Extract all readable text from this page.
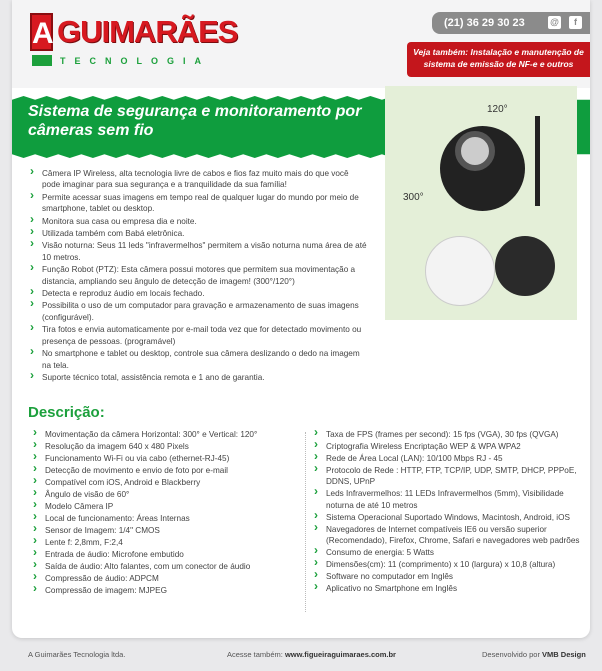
A GUIMARÃES
TECNOLOGIA
(21) 36 29 30 23	@	f
Veja também: Instalação e manutenção de sistema de emissão de NF-e e outros
Sistema de segurança e monitoramento por câmeras sem fio
120°
300°
› Câmera IP Wireless, alta tecnologia livre de cabos e fios faz muito mais do que você pode imaginar para sua segurança e a tranquilidade da sua família!
› Permite acessar suas imagens em tempo real de qualquer lugar do mundo por meio de smartphone, tablet ou desktop.
› Monitora sua casa ou empresa dia e noite.
› Utilizada também com Babá eletrônica.
› Visão noturna: Seus 11 leds "infravermelhos" permitem a visão noturna numa área de até 10 metros.
› Função Robot (PTZ): Esta câmera possui motores que permitem sua movimentação a distancia, ampliando seu ângulo de detecção de imagem! (300°/120°)
› Detecta e reproduz áudio em locais fechado.
› Possibilita o uso de um computador para gravação e armazenamento de suas imagens (configurável).
› Tira fotos e envia automaticamente por e-mail toda vez que for detectado movimento ou presença de pessoas. (programável)
› No smartphone e tablet ou desktop, controle sua câmera deslizando o dedo na imagem na tela.
› Suporte técnico total, assistência remota e 1 ano de garantia.
Descrição:
› Movimentação da câmera Horizontal: 300° e Vertical: 120°
› Resolução da imagem 640 x 480 Pixels
› Funcionamento Wi-Fi ou via cabo (ethernet-RJ-45)
› Detecção de movimento e envio de foto por e-mail
› Compatível com iOS, Android e Blackberry
› Ângulo de visão de 60°
› Modelo Câmera IP
› Local de funcionamento: Áreas Internas
› Sensor de Imagem: 1/4" CMOS
› Lente f: 2,8mm, F:2,4
› Entrada de áudio: Microfone embutido
› Saída de áudio: Alto falantes, com um conector de áudio
› Compressão de áudio: ADPCM
› Compressão de imagem: MJPEG
› Taxa de FPS (frames per second): 15 fps (VGA), 30 fps (QVGA)
› Criptografia Wireless Encriptação WEP & WPA WPA2
› Rede de Área Local (LAN): 10/100 Mbps RJ - 45
› Protocolo de Rede : HTTP, FTP, TCP/IP, UDP, SMTP, DHCP, PPPoE, DDNS, UPnP
› Leds Infravermelhos: 11 LEDs Infravermelhos (5mm), Visibilidade noturna de até 10 metros
› Sistema Operacional Suportado Windows, Macintosh, Android, iOS
› Navegadores de Internet compatíveis IE6 ou versão superior (Recomendado), Firefox, Chrome, Safari e navegadores web padrões
› Consumo de energia: 5 Watts
› Dimensões(cm): 11 (comprimento) x 10 (largura) x 10,8 (altura)
› Software no computador em Inglês
› Aplicativo no Smartphone em Inglês
A Guimarães Tecnologia ltda.	Acesse também: www.figueiraguimaraes.com.br	Desenvolvido por VMB Design
